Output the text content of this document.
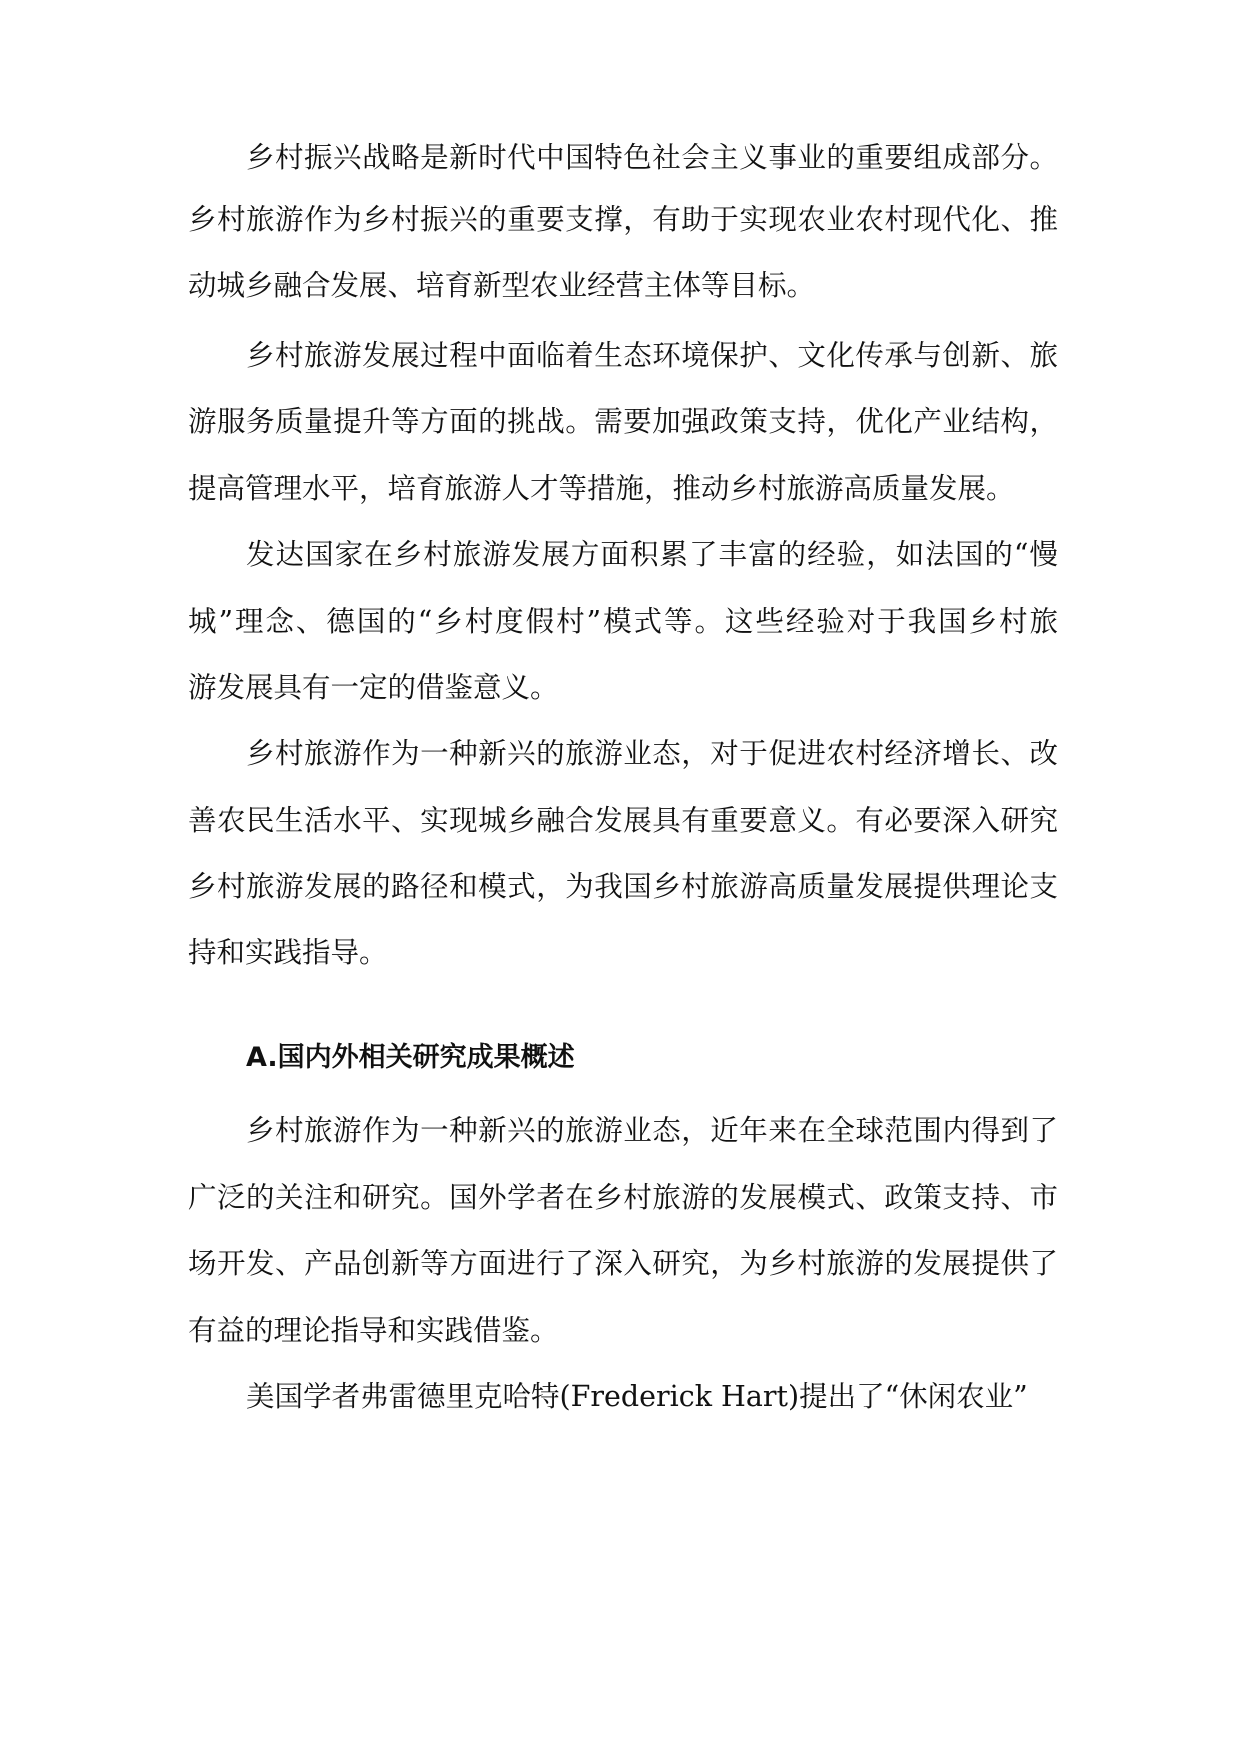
乡村振兴战略是新时代中国特色社会主义事业的重要组成部分。
乡村旅游作为乡村振兴的重要支撑，有助于实现农业农村现代化、推
动城乡融合发展、培育新型农业经营主体等目标。
乡村旅游发展过程中面临着生态环境保护、文化传承与创新、旅
游服务质量提升等方面的挑战。需要加强政策支持，优化产业结构，
提高管理水平，培育旅游人才等措施，推动乡村旅游高质量发展。
发达国家在乡村旅游发展方面积累了丰富的经验，如法国的“慢
城”理念、德国的“乡村度假村”模式等。这些经验对于我国乡村旅
游发展具有一定的借鉴意义。
乡村旅游作为一种新兴的旅游业态，对于促进农村经济增长、改
善农民生活水平、实现城乡融合发展具有重要意义。有必要深入研究
乡村旅游发展的路径和模式，为我国乡村旅游高质量发展提供理论支
持和实践指导。
A.国内外相关研究成果概述
乡村旅游作为一种新兴的旅游业态，近年来在全球范围内得到了
广泛的关注和研究。国外学者在乡村旅游的发展模式、政策支持、市
场开发、产品创新等方面进行了深入研究，为乡村旅游的发展提供了
有益的理论指导和实践借鉴。
美国学者弗雷德里克哈特(Frederick Hart)提出了“休闲农业”
